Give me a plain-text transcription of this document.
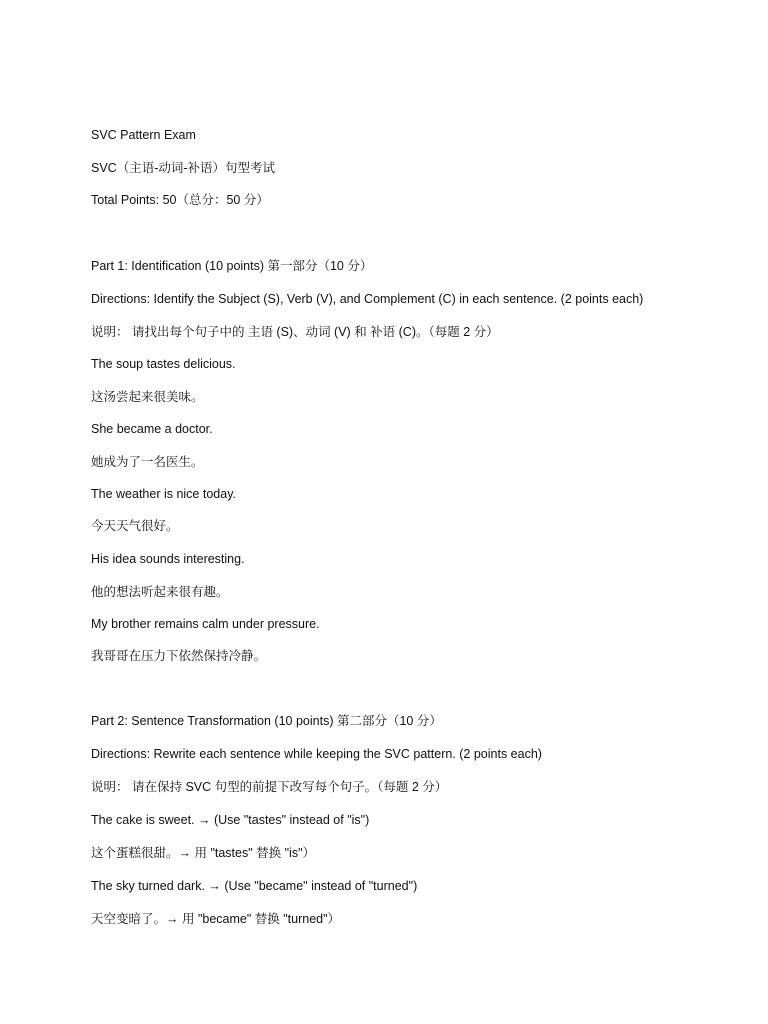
SVC Pattern Exam
SVC（主语-动词-补语）句型考试
Total Points: 50（总分：50 分）
Part 1: Identification (10 points) 第一部分（10 分）
Directions: Identify the Subject (S), Verb (V), and Complement (C) in each sentence. (2 points each)
说明： 请找出每个句子中的 主语 (S)、动词 (V) 和 补语 (C)。（每题 2 分）
The soup tastes delicious.
这汤尝起来很美味。
She became a doctor.
她成为了一名医生。
The weather is nice today.
今天天气很好。
His idea sounds interesting.
他的想法听起来很有趣。
My brother remains calm under pressure.
我哥哥在压力下依然保持冷静。
Part 2: Sentence Transformation (10 points) 第二部分（10 分）
Directions: Rewrite each sentence while keeping the SVC pattern. (2 points each)
说明： 请在保持 SVC 句型的前提下改写每个句子。（每题 2 分）
The cake is sweet. → (Use "tastes" instead of "is")
这个蛋糕很甜。→ 用 "tastes" 替换 "is"）
The sky turned dark. → (Use "became" instead of "turned")
天空变暗了。→ 用 "became" 替换 "turned"）
